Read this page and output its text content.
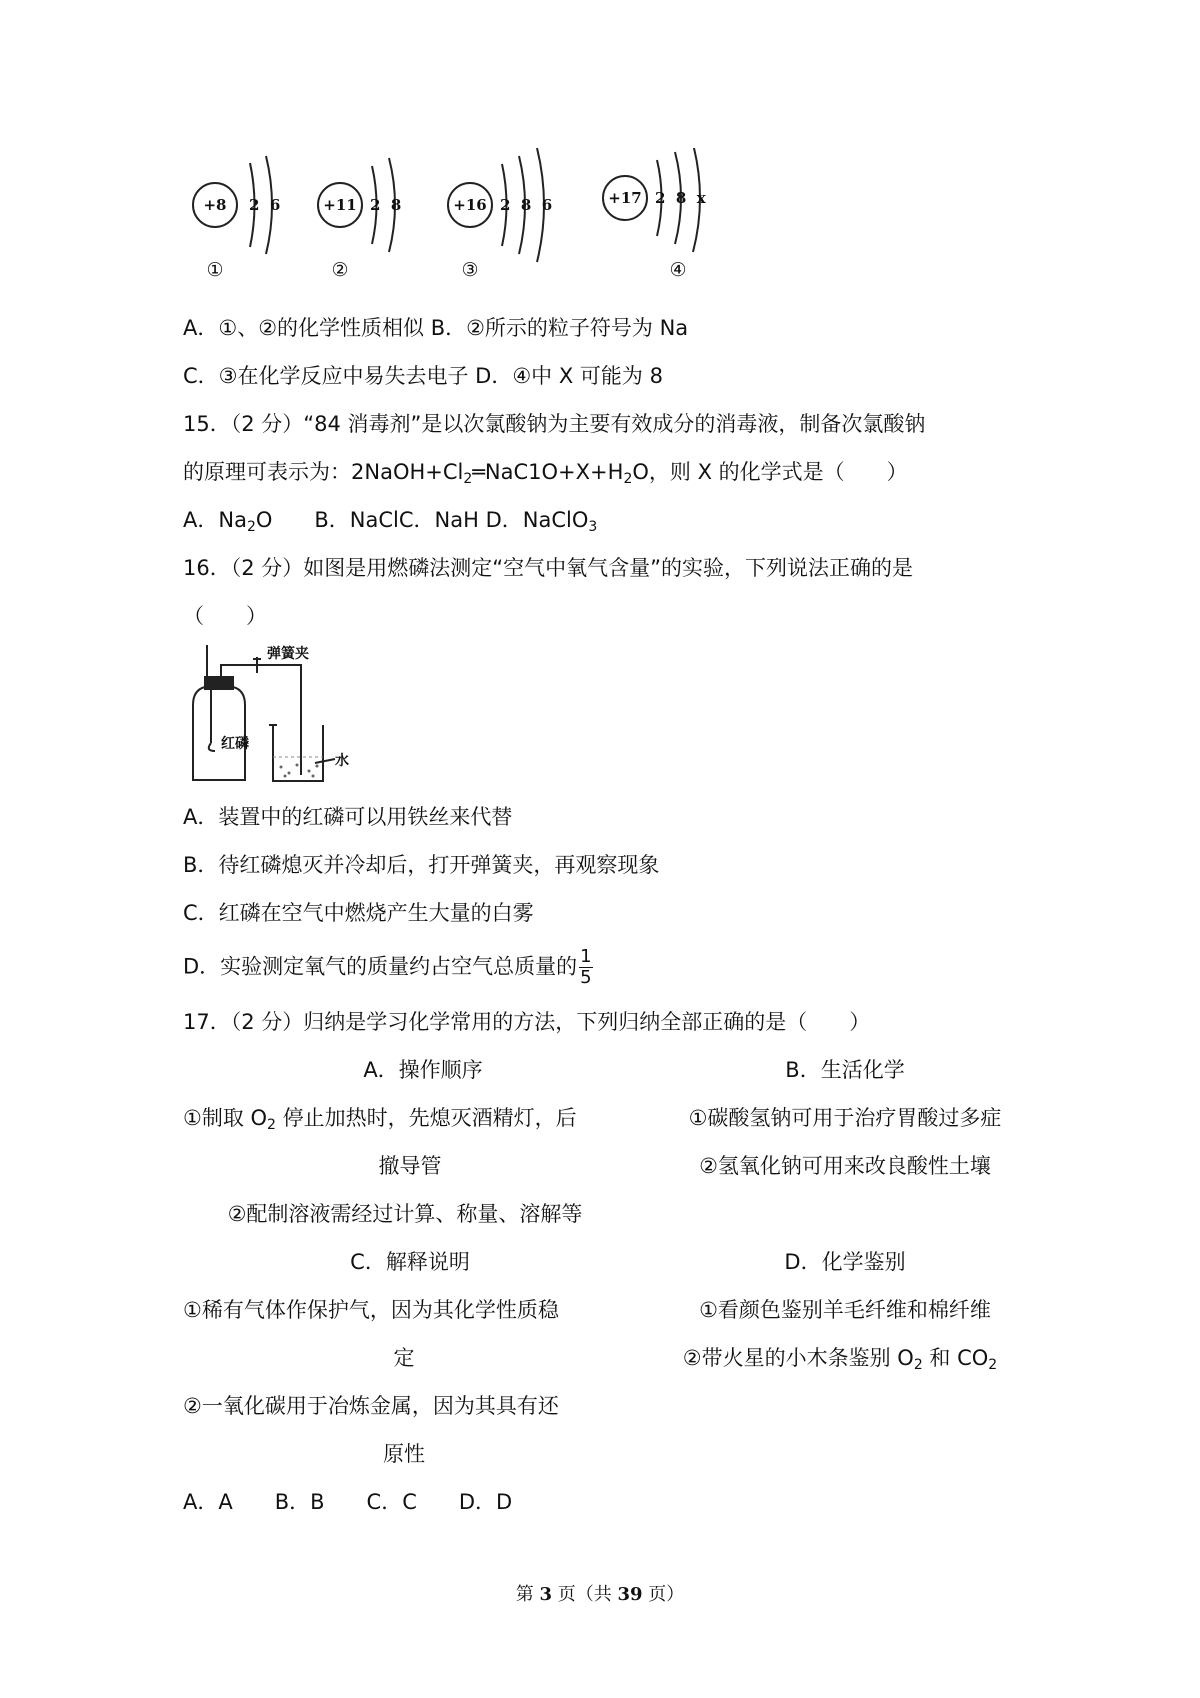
+8 2  6
①
+11 2  8
②
+16 2  8  6
③
+17 2  8  x
④
A．①、②的化学性质相似 B．②所示的粒子符号为 Na
C．③在化学反应中易失去电子 D．④中 X 可能为 8
15．（2 分）“84 消毒剂”是以次氯酸钠为主要有效成分的消毒液，制备次氯酸钠
的原理可表示为：$2NaOH+Cl_2═NaC1O+X+H_2O$，则 X 的化学式是（　　）
A．$Na_2O$　　B．NaClC．NaH D．NaClO$_3$
16．（2 分）如图是用燃磷法测定“空气中氧气含量”的实验，下列说法正确的是
（　　）
弹簧夹
红磷
水
A．装置中的红磷可以用铁丝来代替
B．待红磷熄灭并冷却后，打开弹簧夹，再观察现象
C．红磷在空气中燃烧产生大量的白雾
D．实验测定氧气的质量约占空气总质量的 $\frac{1}{5}$
17．（2 分）归纳是学习化学常用的方法，下列归纳全部正确的是（　　）
A．操作顺序	B．生活化学
①制取 $O_2$ 停止加热时，先熄灭酒精灯，后	①碳酸氢钠可用于治疗胃酸过多症
撤导管	②氢氧化钠可用来改良酸性土壤
②配制溶液需经过计算、称量、溶解等
C．解释说明	D．化学鉴别
①稀有气体作保护气，因为其化学性质稳	①看颜色鉴别羊毛纤维和棉纤维
定	②带火星的小木条鉴别 $O_2$ 和 $CO_2$
②一氧化碳用于冶炼金属，因为其具有还
原性
A．A　　B．B　　C．C　　D．D
第 3 页（共 39 页）
